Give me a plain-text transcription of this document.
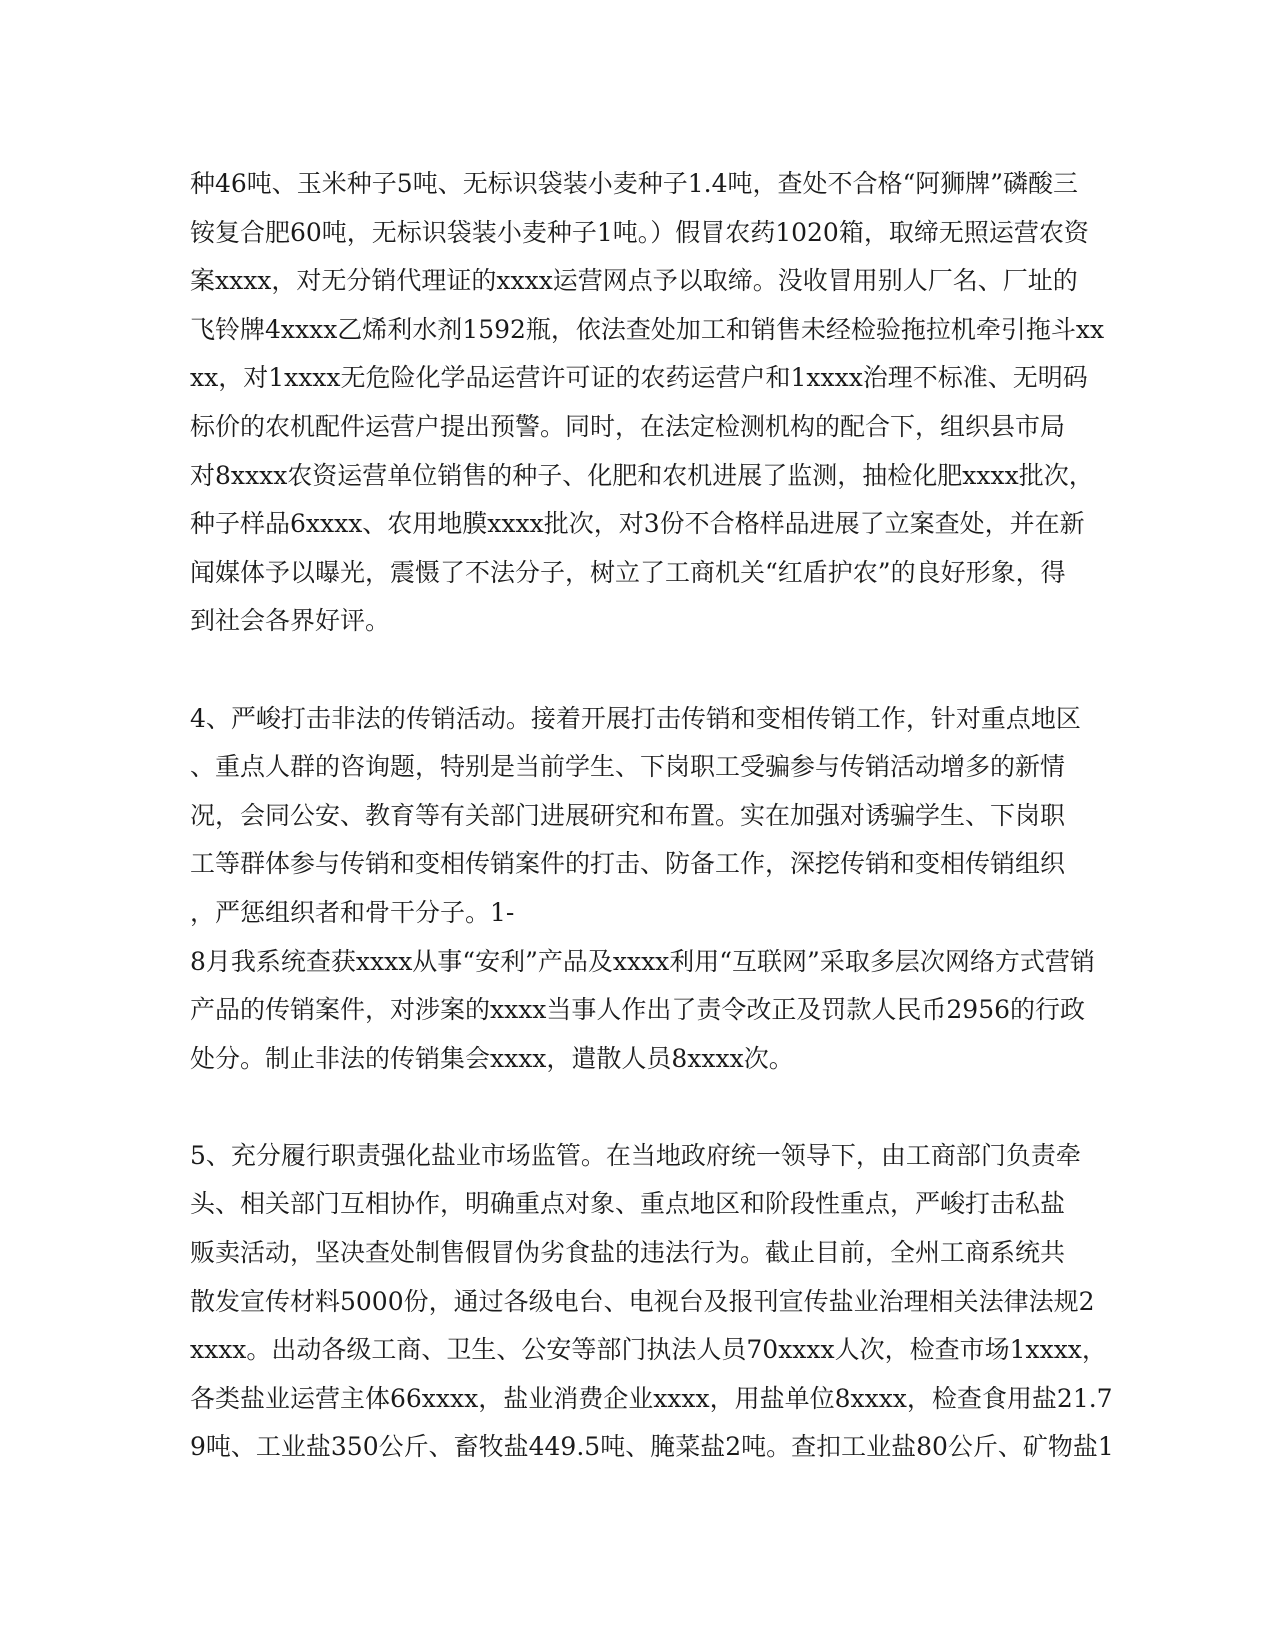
种46吨、玉米种子5吨、无标识袋装小麦种子1.4吨，查处不合格“阿狮牌”磷酸三
铵复合肥60吨，无标识袋装小麦种子1吨。）假冒农药1020箱，取缔无照运营农资
案xxxx，对无分销代理证的xxxx运营网点予以取缔。没收冒用别人厂名、厂址的
飞铃牌4xxxx乙烯利水剂1592瓶，依法查处加工和销售未经检验拖拉机牵引拖斗xx
xx，对1xxxx无危险化学品运营许可证的农药运营户和1xxxx治理不标准、无明码
标价的农机配件运营户提出预警。同时，在法定检测机构的配合下，组织县市局
对8xxxx农资运营单位销售的种子、化肥和农机进展了监测，抽检化肥xxxx批次，
种子样品6xxxx、农用地膜xxxx批次，对3份不合格样品进展了立案查处，并在新
闻媒体予以曝光，震慑了不法分子，树立了工商机关“红盾护农”的良好形象，得
到社会各界好评。
4、严峻打击非法的传销活动。接着开展打击传销和变相传销工作，针对重点地区
、重点人群的咨询题，特别是当前学生、下岗职工受骗参与传销活动增多的新情
况，会同公安、教育等有关部门进展研究和布置。实在加强对诱骗学生、下岗职
工等群体参与传销和变相传销案件的打击、防备工作，深挖传销和变相传销组织
，严惩组织者和骨干分子。1-
8月我系统查获xxxx从事“安利”产品及xxxx利用“互联网”采取多层次网络方式营销
产品的传销案件，对涉案的xxxx当事人作出了责令改正及罚款人民币2956的行政
处分。制止非法的传销集会xxxx，遣散人员8xxxx次。
5、充分履行职责强化盐业市场监管。在当地政府统一领导下，由工商部门负责牵
头、相关部门互相协作，明确重点对象、重点地区和阶段性重点，严峻打击私盐
贩卖活动，坚决查处制售假冒伪劣食盐的违法行为。截止目前，全州工商系统共
散发宣传材料5000份，通过各级电台、电视台及报刊宣传盐业治理相关法律法规2
xxxx。出动各级工商、卫生、公安等部门执法人员70xxxx人次，检查市场1xxxx，
各类盐业运营主体66xxxx，盐业消费企业xxxx，用盐单位8xxxx，检查食用盐21.7
9吨、工业盐350公斤、畜牧盐449.5吨、腌菜盐2吨。查扣工业盐80公斤、矿物盐1
